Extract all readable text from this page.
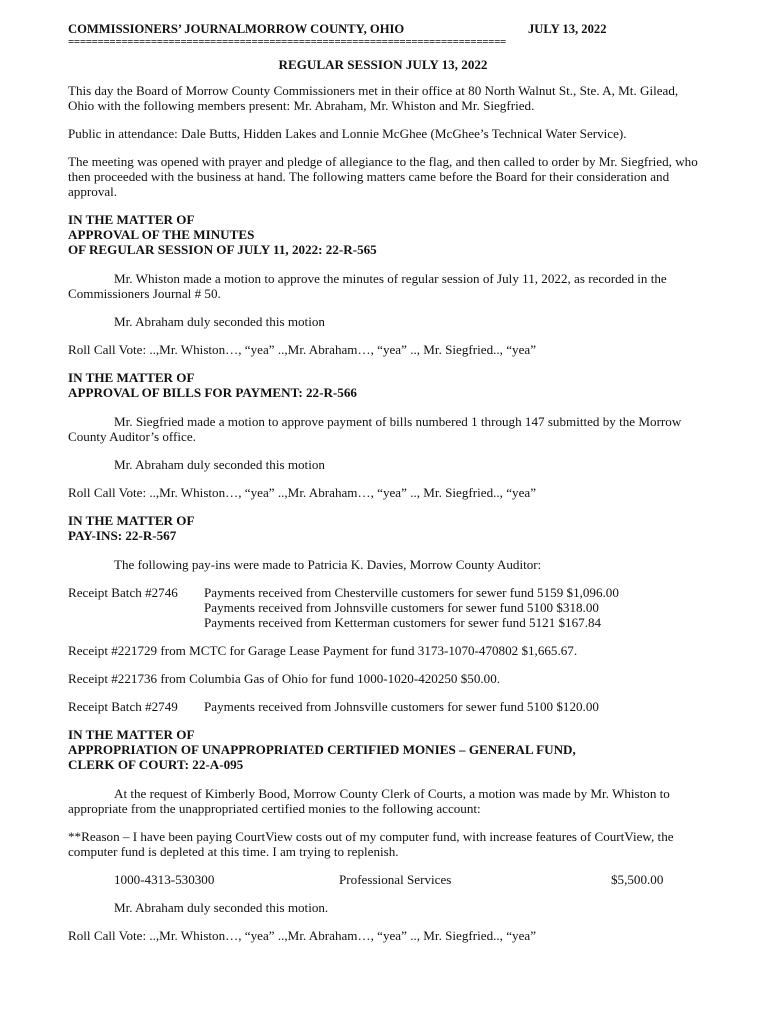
COMMISSIONERS’ JOURNAL MORROW COUNTY, OHIO	JULY 13, 2022
==========================================================================
REGULAR SESSION JULY 13, 2022

This day the Board of Morrow County Commissioners met in their office at 80 North Walnut St., Ste. A, Mt. Gilead, Ohio with the following members present: Mr. Abraham, Mr. Whiston and Mr. Siegfried.

Public in attendance: Dale Butts, Hidden Lakes and Lonnie McGhee (McGhee’s Technical Water Service).

The meeting was opened with prayer and pledge of allegiance to the flag, and then called to order by Mr. Siegfried, who then proceeded with the business at hand. The following matters came before the Board for their consideration and approval.

IN THE MATTER OF
APPROVAL OF THE MINUTES
OF REGULAR SESSION OF JULY 11, 2022: 22-R-565

Mr. Whiston made a motion to approve the minutes of regular session of July 11, 2022, as recorded in the Commissioners Journal # 50.

Mr. Abraham duly seconded this motion

Roll Call Vote: ..,Mr. Whiston…, “yea” ..,Mr. Abraham…, “yea” .., Mr. Siegfried.., “yea”

IN THE MATTER OF
APPROVAL OF BILLS FOR PAYMENT: 22-R-566

Mr. Siegfried made a motion to approve payment of bills numbered 1 through 147 submitted by the Morrow County Auditor’s office.

Mr. Abraham duly seconded this motion

Roll Call Vote: ..,Mr. Whiston…, “yea” ..,Mr. Abraham…, “yea” .., Mr. Siegfried.., “yea”

IN THE MATTER OF
PAY-INS: 22-R-567

The following pay-ins were made to Patricia K. Davies, Morrow County Auditor:

Receipt Batch #2746	Payments received from Chesterville customers for sewer fund 5159 $1,096.00
Payments received from Johnsville customers for sewer fund 5100 $318.00
Payments received from Ketterman customers for sewer fund 5121 $167.84

Receipt #221729 from MCTC for Garage Lease Payment for fund 3173-1070-470802 $1,665.67.

Receipt #221736 from Columbia Gas of Ohio for fund 1000-1020-420250 $50.00.

Receipt Batch #2749	Payments received from Johnsville customers for sewer fund 5100 $120.00
IN THE MATTER OF
APPROPRIATION OF UNAPPROPRIATED CERTIFIED MONIES – GENERAL FUND,
CLERK OF COURT: 22-A-095

At the request of Kimberly Bood, Morrow County Clerk of Courts, a motion was made by Mr. Whiston to appropriate from the unappropriated certified monies to the following account:

**Reason – I have been paying CourtView costs out of my computer fund, with increase features of CourtView, the computer fund is depleted at this time. I am trying to replenish.

1000-4313-530300	Professional Services	$5,500.00

Mr. Abraham duly seconded this motion.

Roll Call Vote: ..,Mr. Whiston…, “yea” ..,Mr. Abraham…, “yea” .., Mr. Siegfried.., “yea”
